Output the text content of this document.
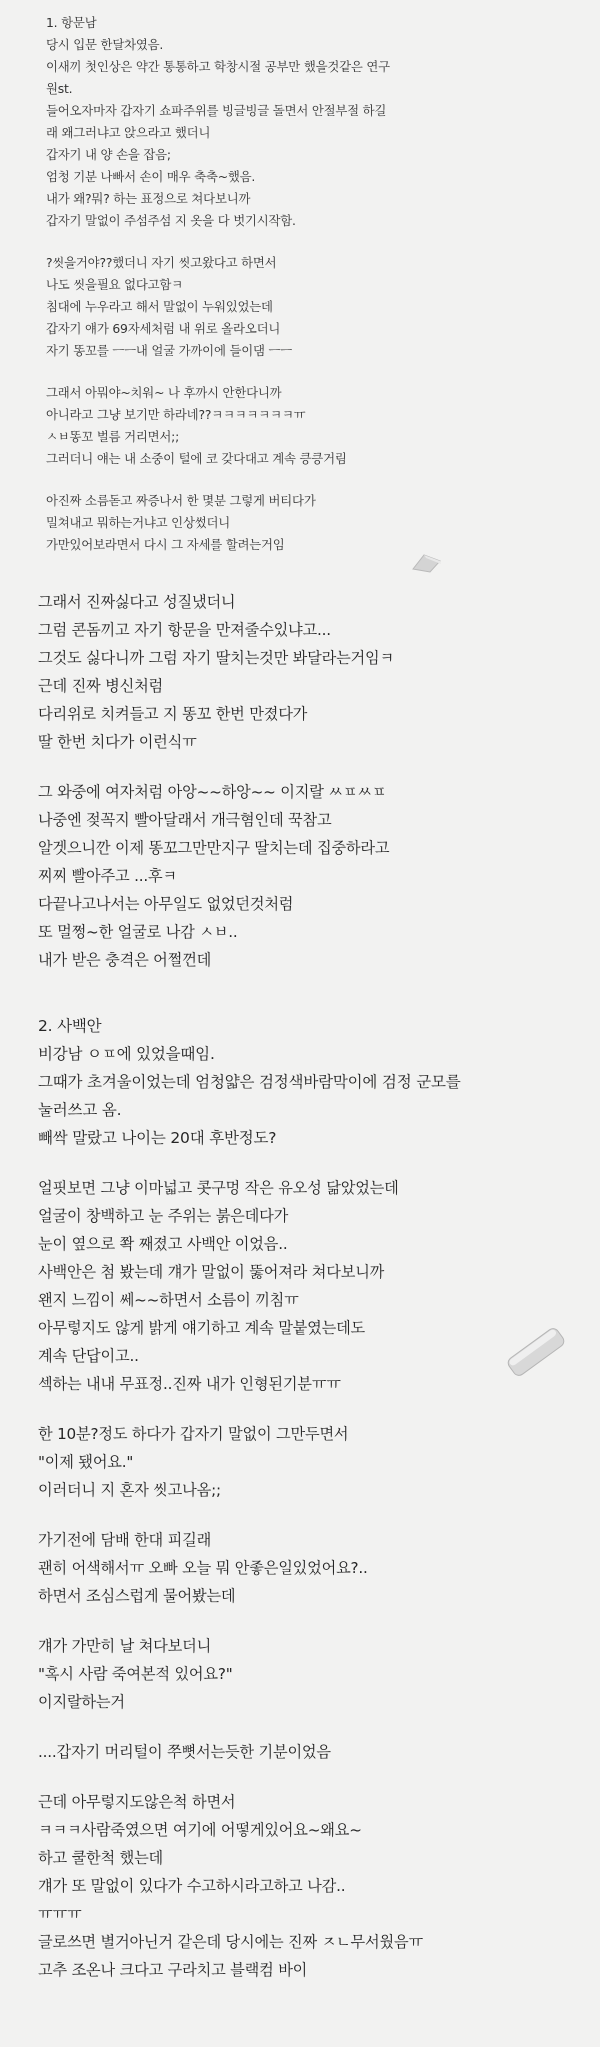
1. 항문남
당시 입문 한달차였음.
이새끼 첫인상은 약간 통통하고 학창시절 공부만 했을것같은 연구
원st.
들어오자마자 갑자기 쇼파주위를 빙글빙글 돌면서 안절부절 하길
래 왜그러냐고 앉으라고 했더니
갑자기 내 양 손을 잡음;
엄청 기분 나빠서 손이 매우 축축~했음.
내가 왜?뭐? 하는 표정으로 쳐다보니까
갑자기 말없이 주섬주섬 지 옷을 다 벗기시작함.
?씻을거야??했더니 자기 씻고왔다고 하면서
나도 씻을필요 없다고함ㅋ
침대에 누우라고 해서 말없이 누워있었는데
갑자기 얘가 69자세처럼 내 위로 올라오더니
자기 똥꼬를 ㅡㅡ내 얼굴 가까이에 들이댐 ㅡㅡ
그래서 아뭐야~치워~ 나 후까시 안한다니까
아니라고 그냥 보기만 하라네??ㅋㅋㅋㅋㅋㅋㅋㅠ
ㅅㅂ똥꼬 벌름 거리면서;;
그러더니 얘는 내 소중이 털에 코 갖다대고 계속 킁킁거림
아진짜 소름돋고 짜증나서 한 몇분 그렇게 버티다가
밀쳐내고 뭐하는거냐고 인상썼더니
가만있어보라면서 다시 그 자세를 할려는거임
그래서 진짜싫다고 성질냈더니
그럼 콘돔끼고 자기 항문을 만져줄수있냐고...
그것도 싫다니까 그럼 자기 딸치는것만 봐달라는거임ㅋ
근데 진짜 병신처럼
다리위로 치켜들고 지 똥꼬 한번 만졌다가
딸 한번 치다가 이런식ㅠ
그 와중에 여자처럼 아앙~~하앙~~ 이지랄 ㅆㅍㅆㅍ
나중엔 젖꼭지 빨아달래서 개극혐인데 꾹참고
알겟으니깐 이제 똥꼬그만만지구 딸치는데 집중하라고
찌찌 빨아주고 ...후ㅋ
다끝나고나서는 아무일도 없었던것처럼
또 멀쩡~한 얼굴로 나감 ㅅㅂ..
내가 받은 충격은 어쩔껀데
2. 사백안
비강남 ㅇㅍ에 있었을때임.
그때가 초겨울이었는데 엄청얇은 검정색바람막이에 검정 군모를
눌러쓰고 옴.
빼싹 말랐고 나이는 20대 후반정도?
얼핏보면 그냥 이마넓고 콧구멍 작은 유오성 닮았었는데
얼굴이 창백하고 눈 주위는 붉은데다가
눈이 옆으로 쫙 째졌고 사백안 이었음..
사백안은 첨 봤는데 걔가 말없이 뚫어져라 쳐다보니까
왠지 느낌이 쎄~~하면서 소름이 끼침ㅠ
아무렇지도 않게 밝게 얘기하고 계속 말붙였는데도
계속 단답이고..
섹하는 내내 무표정..진짜 내가 인형된기분ㅠㅠ
한 10분?정도 하다가 갑자기 말없이 그만두면서
"이제 됐어요."
이러더니 지 혼자 씻고나옴;;
가기전에 담배 한대 피길래
괜히 어색해서ㅠ 오빠 오늘 뭐 안좋은일있었어요?..
하면서 조심스럽게 물어봤는데
걔가 가만히 날 쳐다보더니
"혹시 사람 죽여본적 있어요?"
이지랄하는거
....갑자기 머리털이 쭈뼛서는듯한 기분이었음
근데 아무렇지도않은척 하면서
ㅋㅋㅋ사람죽였으면 여기에 어떻게있어요~왜요~
하고 쿨한척 했는데
걔가 또 말없이 있다가 수고하시라고하고 나감..
ㅠㅠㅠ
글로쓰면 별거아닌거 같은데 당시에는 진짜 ㅈㄴ무서웠음ㅠ
고추 조온나 크다고 구라치고 블랙컴 바이
